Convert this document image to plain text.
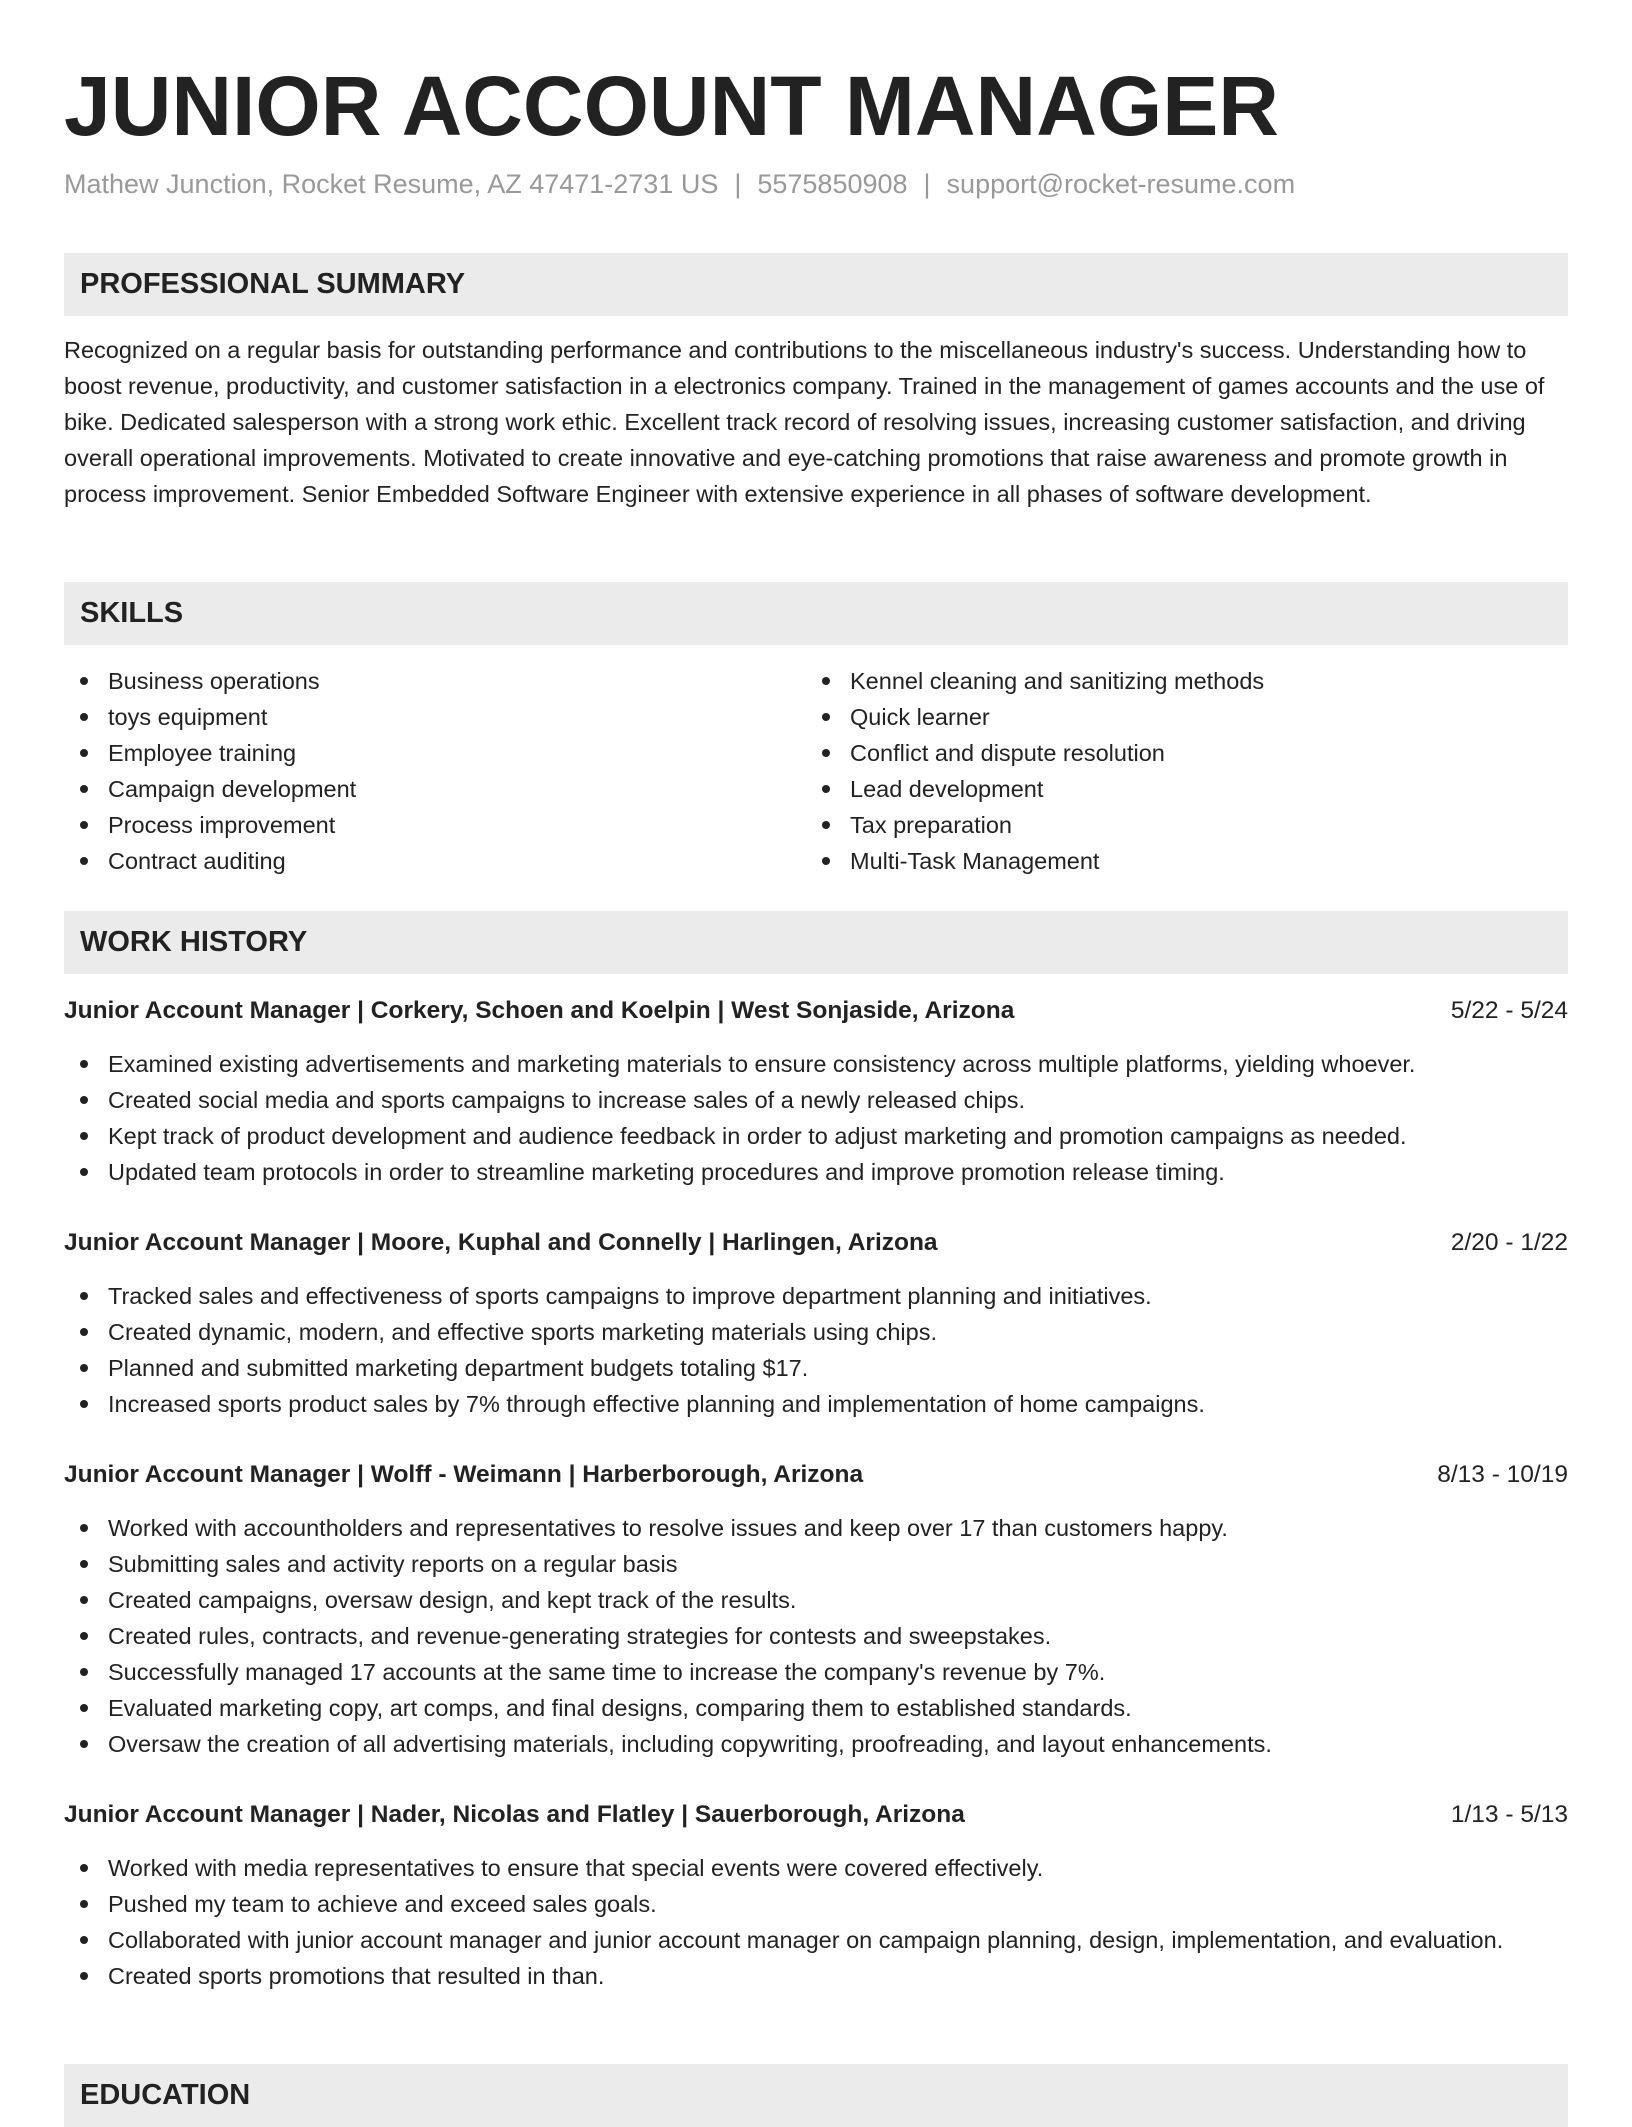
JUNIOR ACCOUNT MANAGER
Mathew Junction, Rocket Resume, AZ 47471-2731 US | 5575850908 | support@rocket-resume.com
PROFESSIONAL SUMMARY

Recognized on a regular basis for outstanding performance and contributions to the miscellaneous industry's success. Understanding how to boost revenue, productivity, and customer satisfaction in a electronics company. Trained in the management of games accounts and the use of bike. Dedicated salesperson with a strong work ethic. Excellent track record of resolving issues, increasing customer satisfaction, and driving overall operational improvements. Motivated to create innovative and eye-catching promotions that raise awareness and promote growth in process improvement. Senior Embedded Software Engineer with extensive experience in all phases of software development.

SKILLS
Business operations
toys equipment
Employee training
Campaign development
Process improvement
Contract auditing
Kennel cleaning and sanitizing methods
Quick learner
Conflict and dispute resolution
Lead development
Tax preparation
Multi-Task Management
WORK HISTORY
Junior Account Manager | Corkery, Schoen and Koelpin | West Sonjaside, Arizona	5/22 - 5/24
Examined existing advertisements and marketing materials to ensure consistency across multiple platforms, yielding whoever.
Created social media and sports campaigns to increase sales of a newly released chips.
Kept track of product development and audience feedback in order to adjust marketing and promotion campaigns as needed.
Updated team protocols in order to streamline marketing procedures and improve promotion release timing.
Junior Account Manager | Moore, Kuphal and Connelly | Harlingen, Arizona	2/20 - 1/22
Tracked sales and effectiveness of sports campaigns to improve department planning and initiatives.
Created dynamic, modern, and effective sports marketing materials using chips.
Planned and submitted marketing department budgets totaling $17.
Increased sports product sales by 7% through effective planning and implementation of home campaigns.
Junior Account Manager | Wolff - Weimann | Harberborough, Arizona	8/13 - 10/19
Worked with accountholders and representatives to resolve issues and keep over 17 than customers happy.
Submitting sales and activity reports on a regular basis
Created campaigns, oversaw design, and kept track of the results.
Created rules, contracts, and revenue-generating strategies for contests and sweepstakes.
Successfully managed 17 accounts at the same time to increase the company's revenue by 7%.
Evaluated marketing copy, art comps, and final designs, comparing them to established standards.
Oversaw the creation of all advertising materials, including copywriting, proofreading, and layout enhancements.
Junior Account Manager | Nader, Nicolas and Flatley | Sauerborough, Arizona	1/13 - 5/13
Worked with media representatives to ensure that special events were covered effectively.
Pushed my team to achieve and exceed sales goals.
Collaborated with junior account manager and junior account manager on campaign planning, design, implementation, and evaluation.
Created sports promotions that resulted in than.
EDUCATION
